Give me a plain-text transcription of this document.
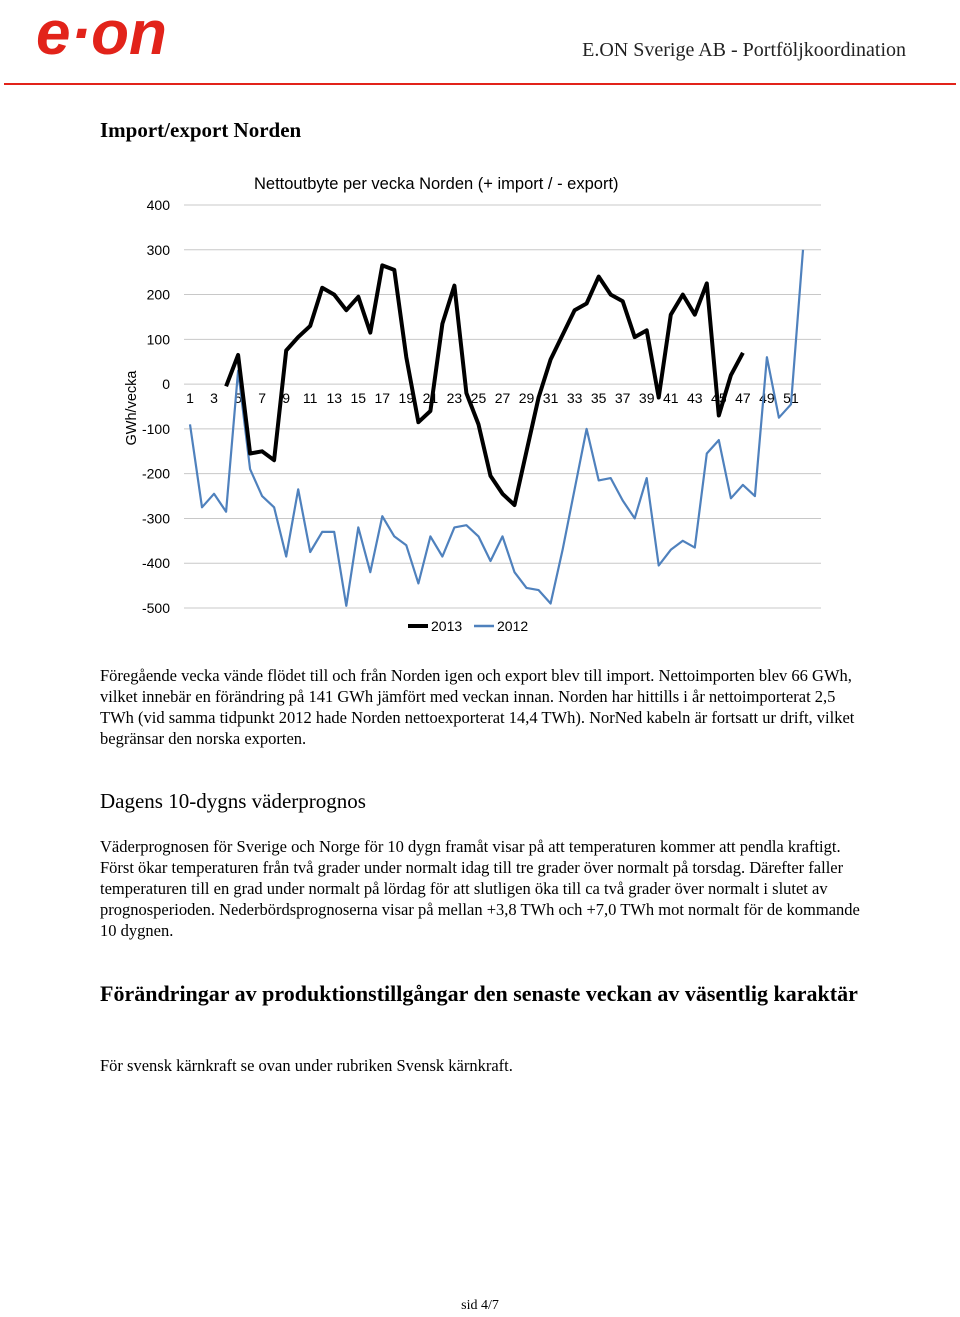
e·on	E.ON Sverige AB - Portföljkoordination
Import/export Norden
400
300
200
100
0
-100
-200
-300
-400
-500
1 3 5 7 9 11 13 15 17 19 21 23 25 27 29 31 33 35 37 39 41 43 45 47 49 51
Nettoutbyte per vecka Norden (+ import / - export)
GWh/vecka
2013 2012

Föregående vecka vände flödet till och från Norden igen och export blev till import. Nettoimporten blev 66 GWh, vilket innebär en förändring på 141 GWh jämfört med veckan innan. Norden har hittills i år nettoimporterat 2,5 TWh (vid samma tidpunkt 2012 hade Norden nettoexporterat 14,4 TWh). NorNed kabeln är fortsatt ur drift, vilket begränsar den norska exporten.

Dagens 10-dygns väderprognos

Väderprognosen för Sverige och Norge för 10 dygn framåt visar på att temperaturen kommer att pendla kraftigt. Först ökar temperaturen från två grader under normalt idag till tre grader över normalt på torsdag. Därefter faller temperaturen till en grad under normalt på lördag för att slutligen öka till ca två grader över normalt i slutet av prognosperioden. Nederbördsprognoserna visar på mellan +3,8 TWh och +7,0 TWh mot normalt för de kommande 10 dygnen.

Förändringar av produktionstillgångar den senaste veckan av väsentlig karaktär

För svensk kärnkraft se ovan under rubriken Svensk kärnkraft.

sid 4/7
